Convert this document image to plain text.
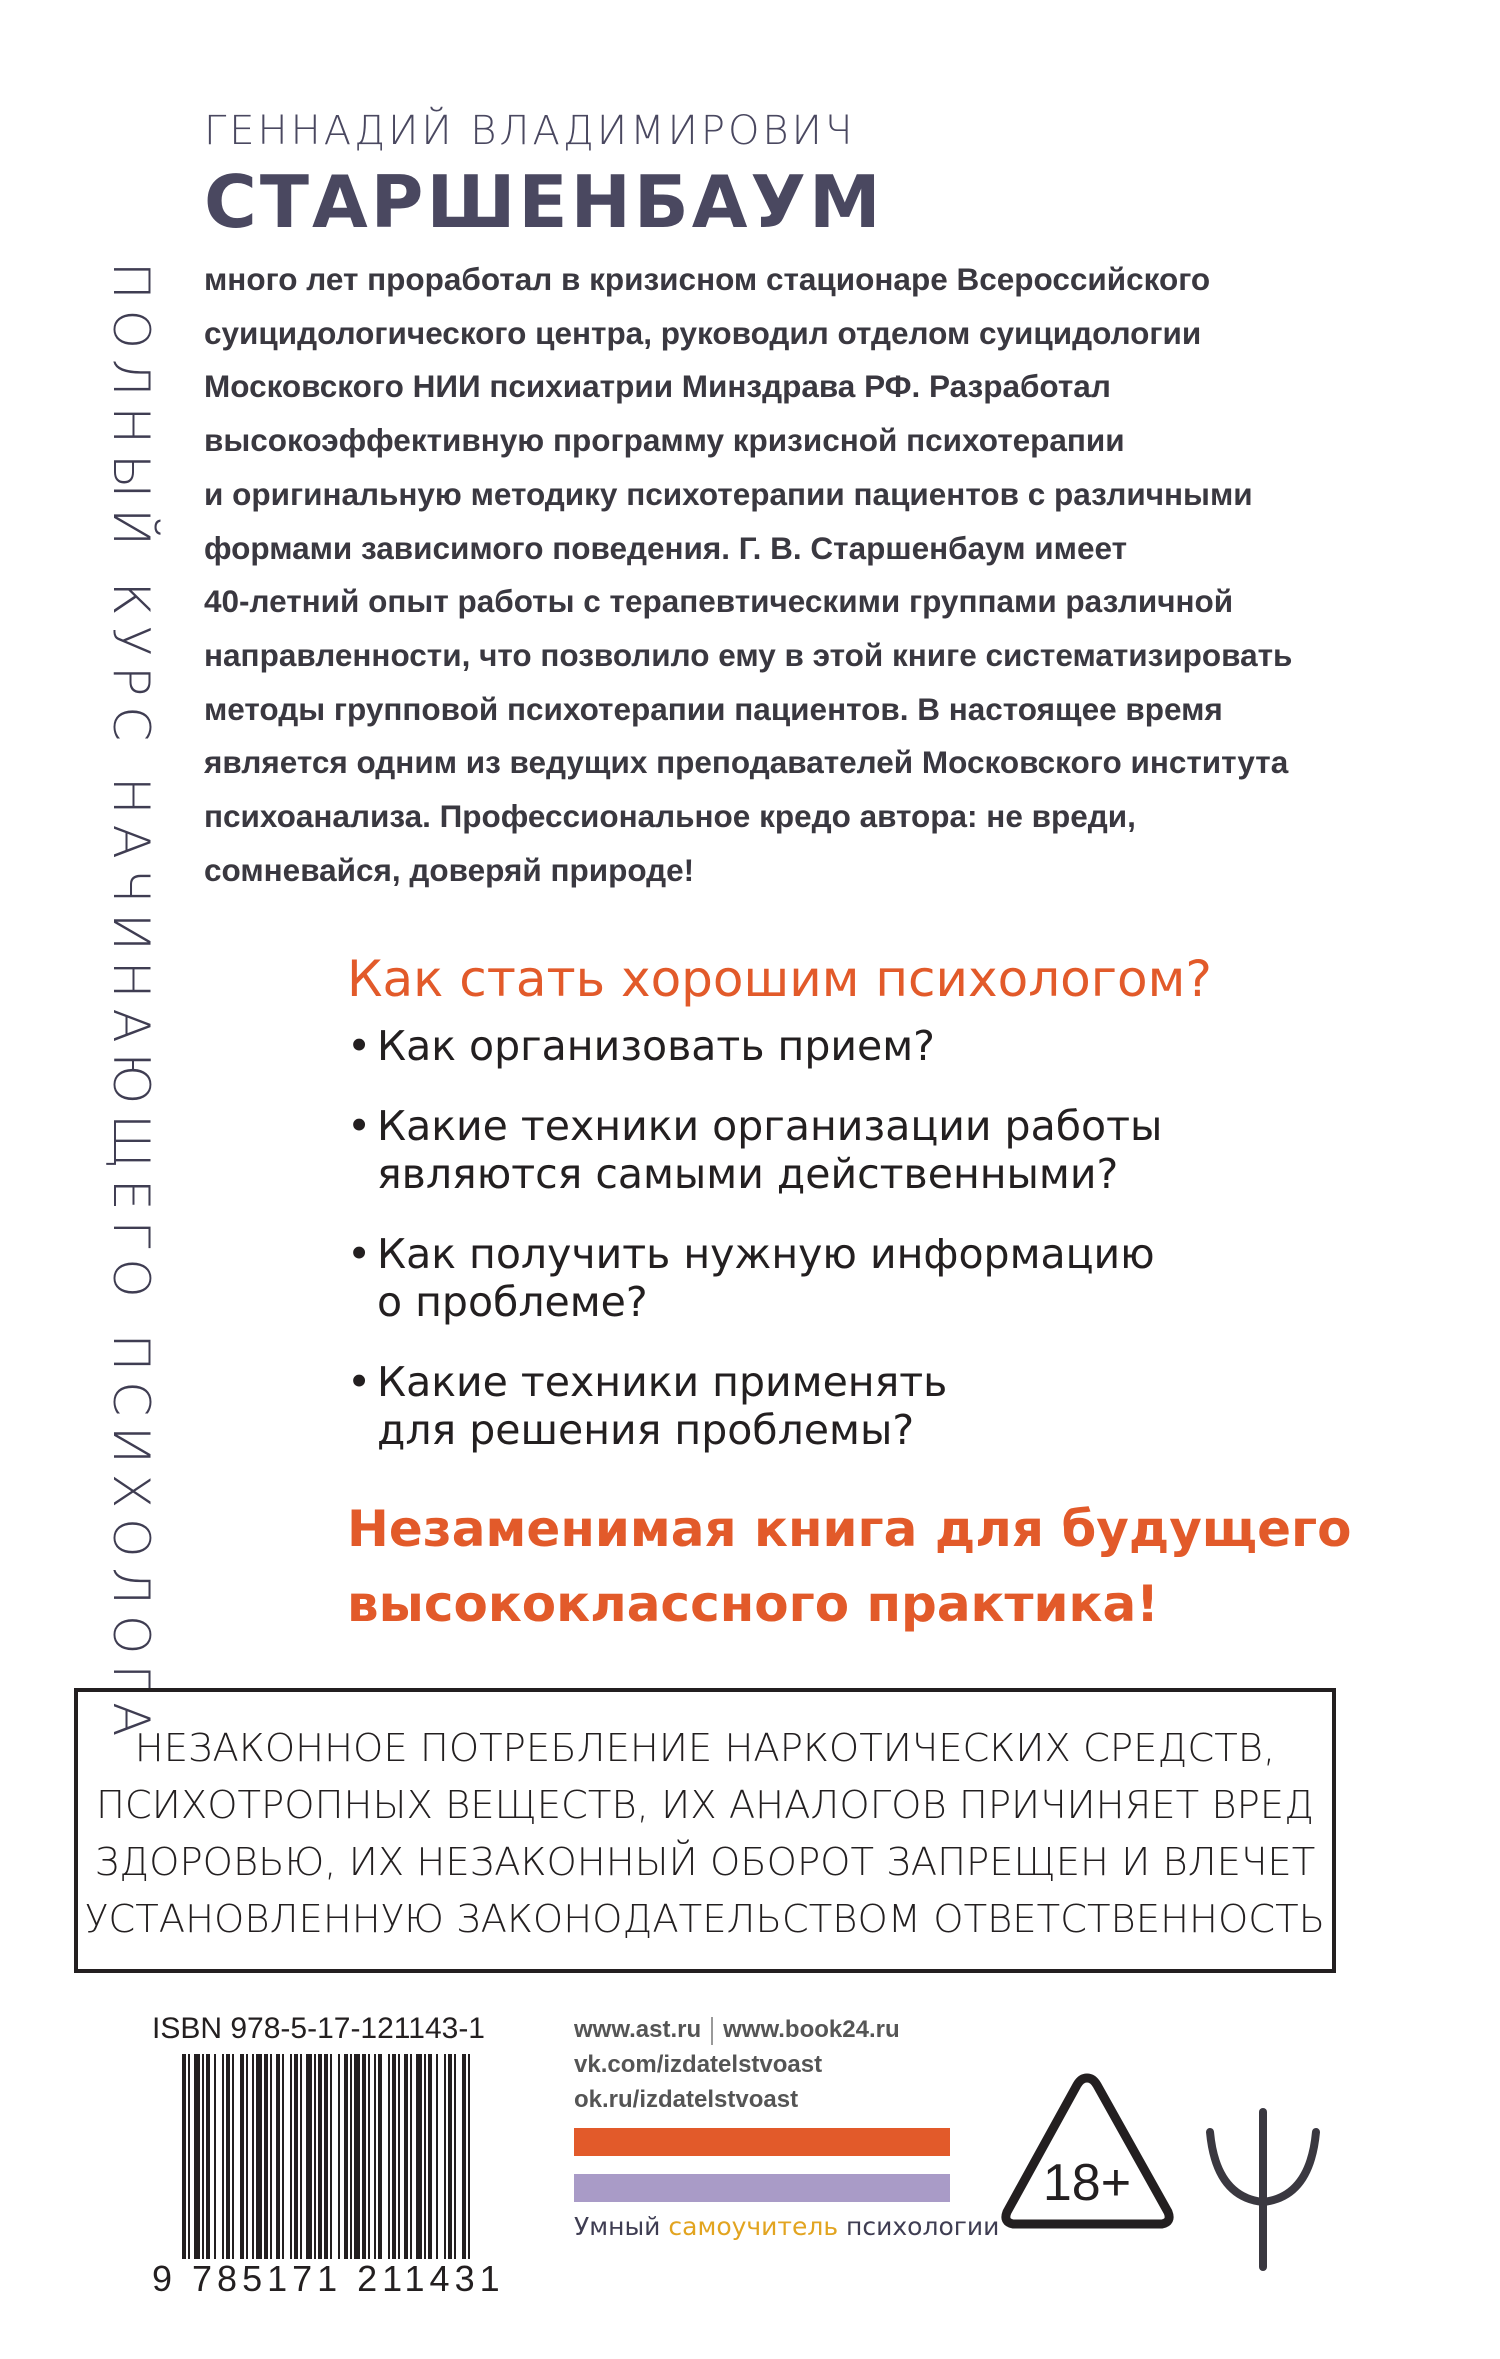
ПОЛНЫЙ КУРС НАЧИНАЮЩЕГО ПСИХОЛОГА
ГЕННАДИЙ ВЛАДИМИРОВИЧ
СТАРШЕНБАУМ
много лет проработал в кризисном стационаре Всероссийского
суицидологического центра, руководил отделом суицидологии
Московского НИИ психиатрии Минздрава РФ. Разработал
высокоэффективную программу кризисной психотерапии
и оригинальную методику психотерапии пациентов с различными
формами зависимого поведения. Г. В. Старшенбаум имеет
40-летний опыт работы с терапевтическими группами различной
направленности, что позволило ему в этой книге систематизировать
методы групповой психотерапии пациентов. В настоящее время
является одним из ведущих преподавателей Московского института
психоанализа. Профессиональное кредо автора: не вреди,
сомневайся, доверяй природе!
Как стать хорошим психологом?
• Как организовать прием?
• Какие техники организации работы
являются самыми действенными?
• Как получить нужную информацию
о проблеме?
• Какие техники применять
для решения проблемы?
Незаменимая книга для будущего
высококлассного практика!
НЕЗАКОННОЕ ПОТРЕБЛЕНИЕ НАРКОТИЧЕСКИХ СРЕДСТВ,
ПСИХОТРОПНЫХ ВЕЩЕСТВ, ИХ АНАЛОГОВ ПРИЧИНЯЕТ ВРЕД
ЗДОРОВЬЮ, ИХ НЕЗАКОННЫЙ ОБОРОТ ЗАПРЕЩЕН И ВЛЕЧЕТ
УСТАНОВЛЕННУЮ ЗАКОНОДАТЕЛЬСТВОМ ОТВЕТСТВЕННОСТЬ
ISBN 978-5-17-121143-1
9 785171 211431
www.ast.ru www.book24.ru
vk.com/izdatelstvoast
ok.ru/izdatelstvoast
Умный самоучитель психологии
18+
